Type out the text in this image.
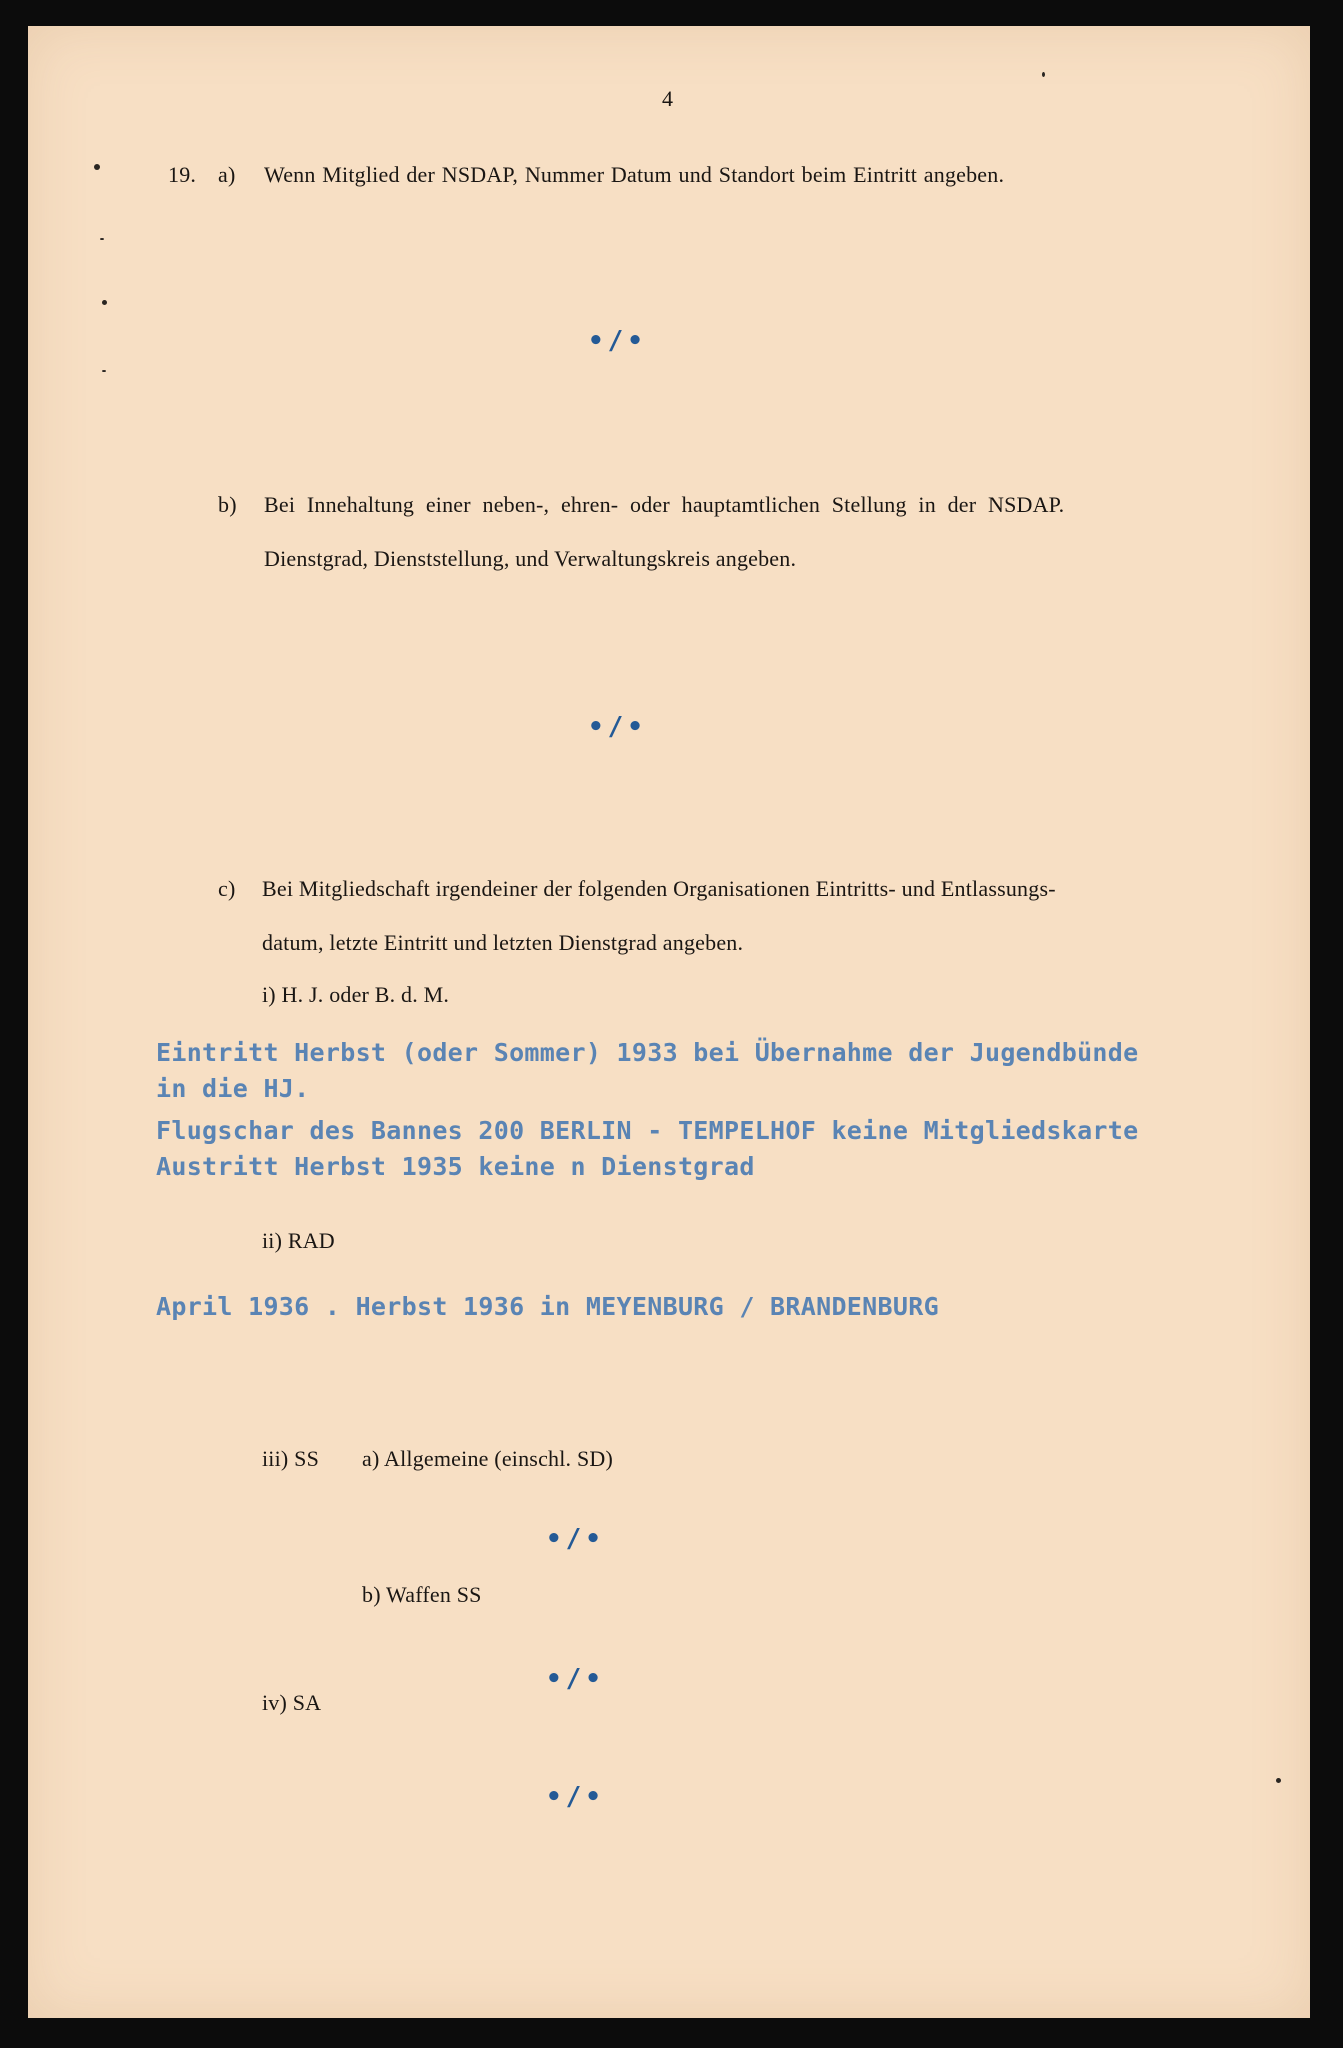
4
19. a) Wenn Mitglied der NSDAP, Nummer Datum und Standort beim Eintritt angeben.
•/•
b) Bei Innehaltung einer neben-, ehren- oder hauptamtlichen Stellung in der NSDAP.
Dienstgrad, Dienststellung, und Verwaltungskreis angeben.
•/•
c) Bei Mitgliedschaft irgendeiner der folgenden Organisationen Eintritts- und Entlassungs-
datum, letzte Eintritt und letzten Dienstgrad angeben.
i) H. J. oder B. d. M.
Eintritt Herbst (oder Sommer) 1933 bei Übernahme der Jugendbünde
in die HJ.
Flugschar des Bannes 200 BERLIN - TEMPELHOF keine Mitgliedskarte
Austritt Herbst 1935 keine n Dienstgrad
ii) RAD
April 1936 . Herbst 1936 in MEYENBURG / BRANDENBURG
iii) SS a) Allgemeine (einschl. SD)
•/•
b) Waffen SS
•/•
iv) SA
•/•
